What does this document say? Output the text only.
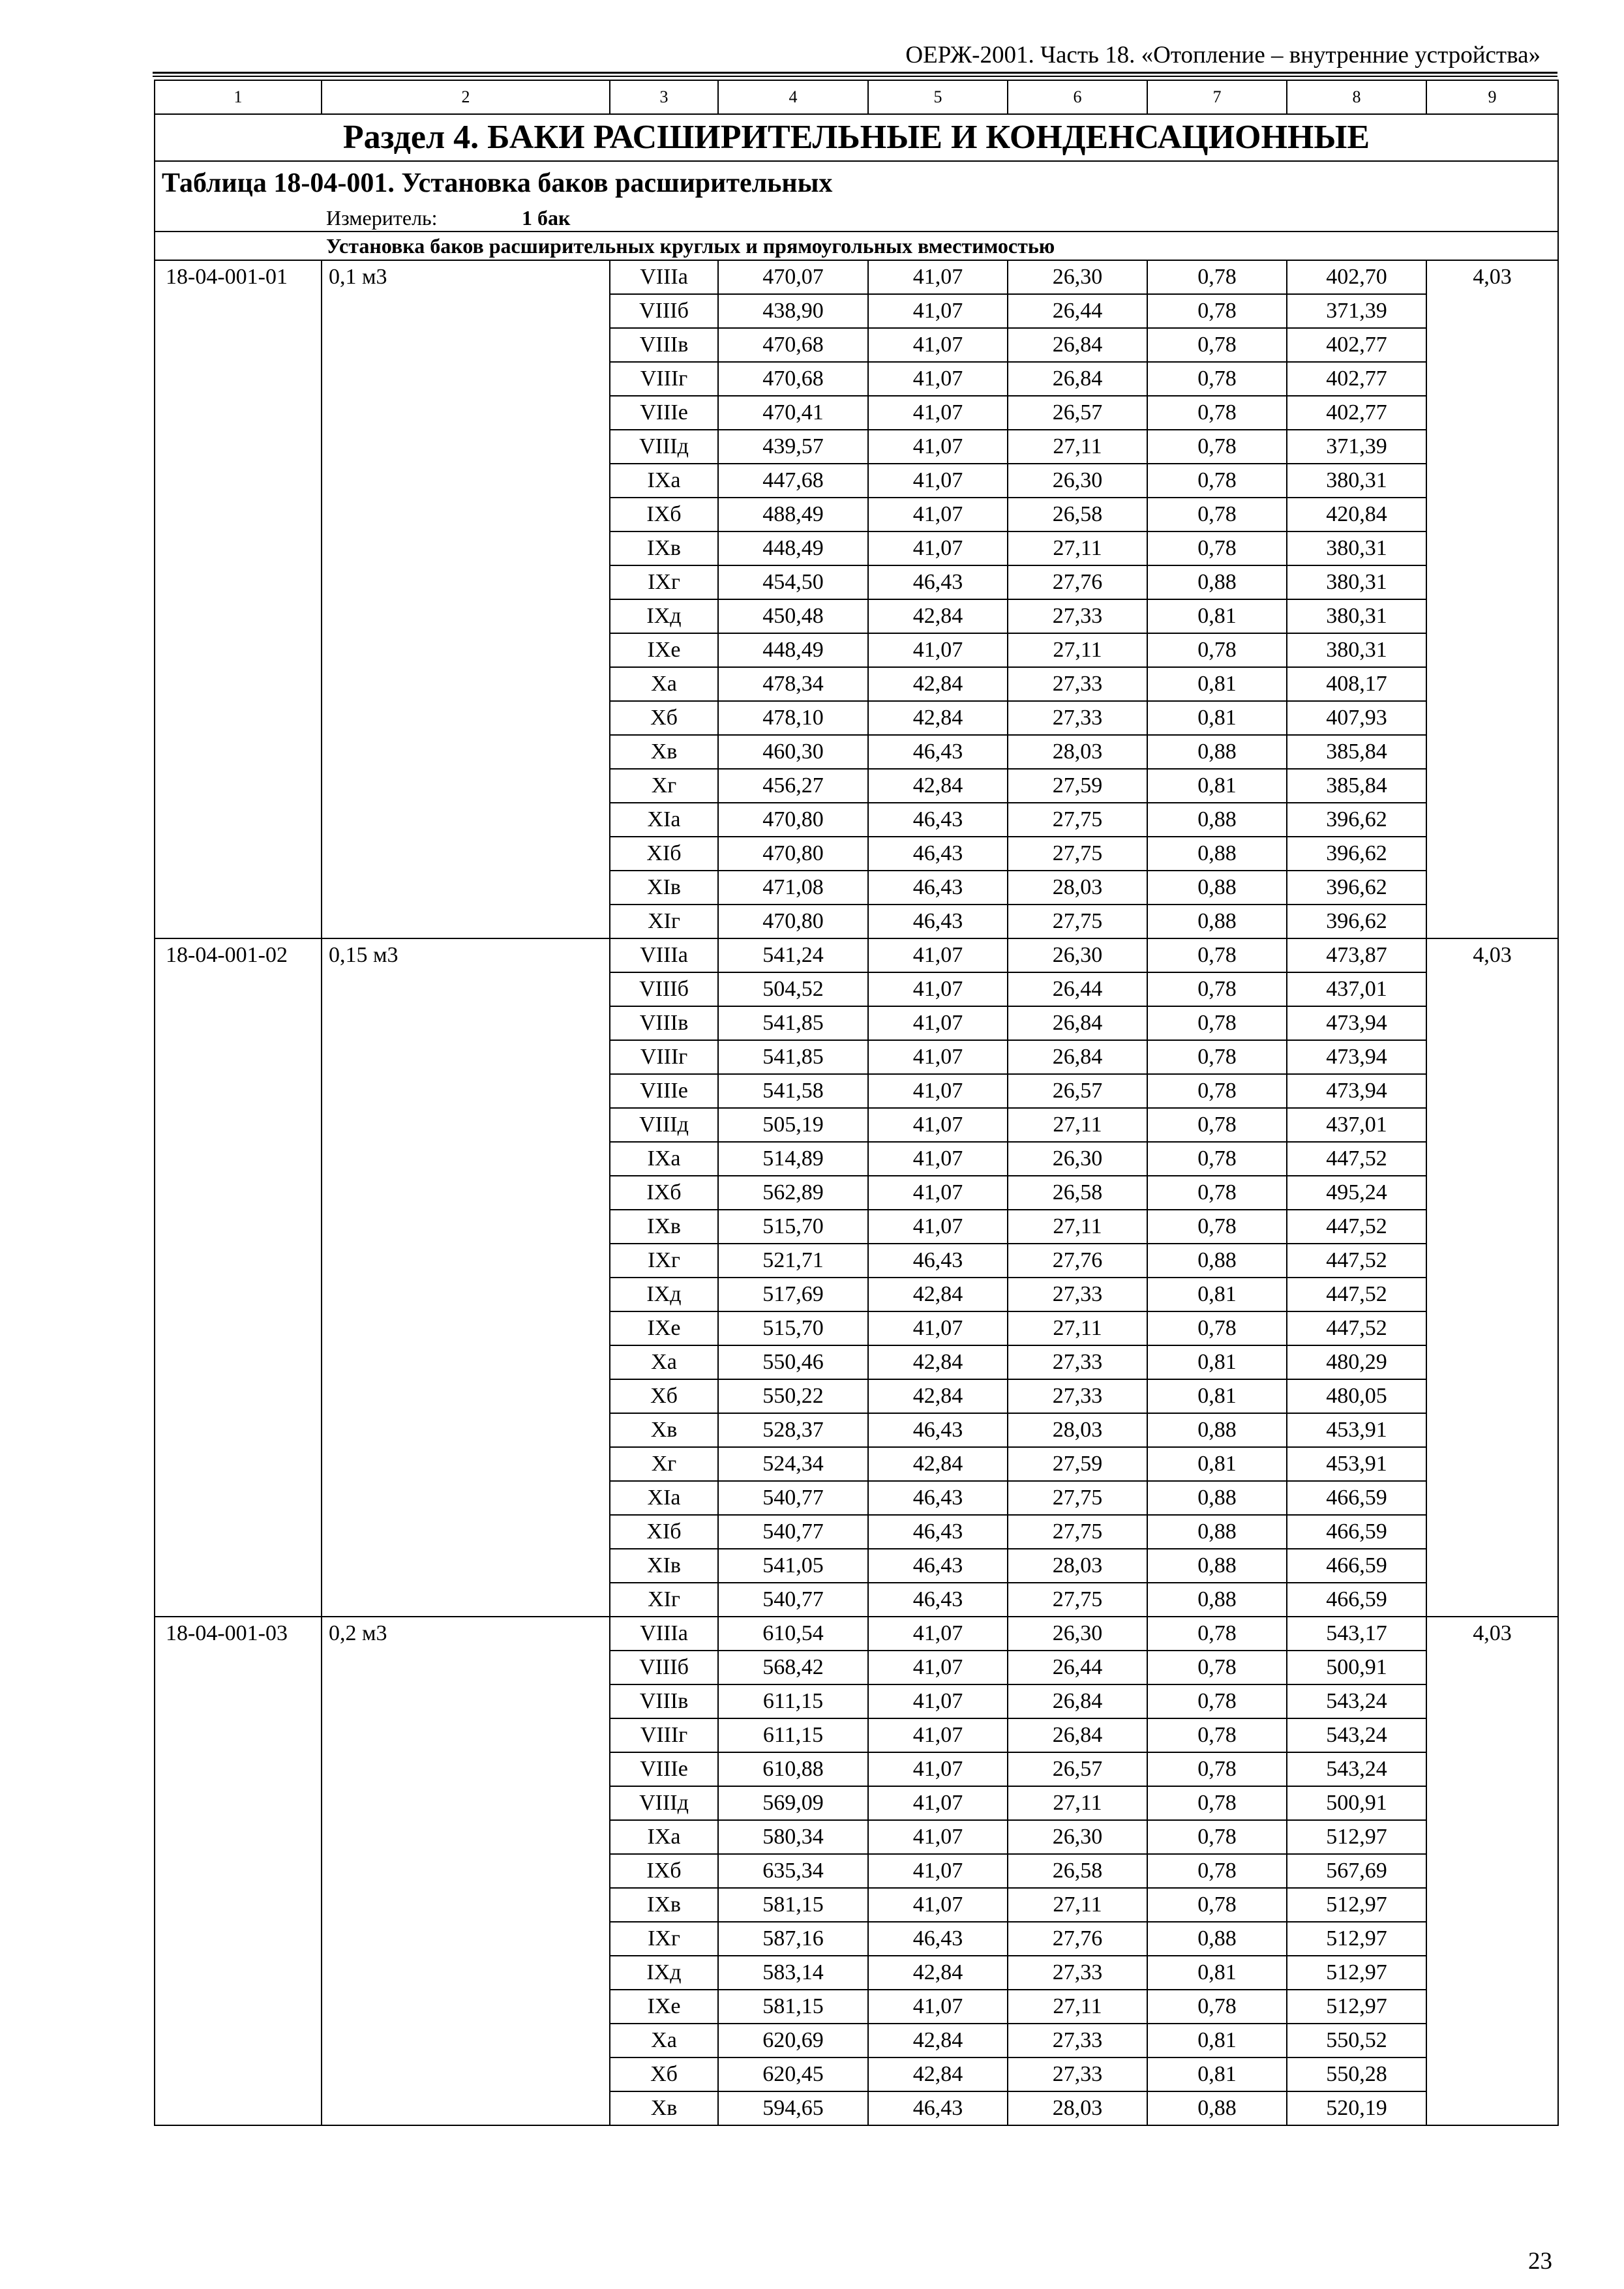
ОЕРЖ-2001. Часть 18. «Отопление – внутренние устройства»
1	2	3	4	5	6	7	8	9
Раздел 4. БАКИ РАСШИРИТЕЛЬНЫЕ И КОНДЕНСАЦИОННЫЕ								
Таблица 18-04-001. Установка баков расширительных								

Измеритель: 1 бак								

Установка баков расширительных круглых и прямоугольных вместимостью								
18-04-001-01	0,1 м3	VIIIа	470,07	41,07	26,30	0,78	402,70	4,03
		VIIIб	438,90	41,07	26,44	0,78	371,39	
		VIIIв	470,68	41,07	26,84	0,78	402,77	
		VIIIг	470,68	41,07	26,84	0,78	402,77	
		VIIIе	470,41	41,07	26,57	0,78	402,77	
		VIIIд	439,57	41,07	27,11	0,78	371,39	
		IXа	447,68	41,07	26,30	0,78	380,31	
		IXб	488,49	41,07	26,58	0,78	420,84	
		IXв	448,49	41,07	27,11	0,78	380,31	
		IXг	454,50	46,43	27,76	0,88	380,31	
		IXд	450,48	42,84	27,33	0,81	380,31	
		IXе	448,49	41,07	27,11	0,78	380,31	
		Xа	478,34	42,84	27,33	0,81	408,17	
		Xб	478,10	42,84	27,33	0,81	407,93	
		Xв	460,30	46,43	28,03	0,88	385,84	
		Xг	456,27	42,84	27,59	0,81	385,84	
		XIа	470,80	46,43	27,75	0,88	396,62	
		XIб	470,80	46,43	27,75	0,88	396,62	
		XIв	471,08	46,43	28,03	0,88	396,62	
		XIг	470,80	46,43	27,75	0,88	396,62	
18-04-001-02	0,15 м3	VIIIа	541,24	41,07	26,30	0,78	473,87	4,03
		VIIIб	504,52	41,07	26,44	0,78	437,01	
		VIIIв	541,85	41,07	26,84	0,78	473,94	
		VIIIг	541,85	41,07	26,84	0,78	473,94	
		VIIIе	541,58	41,07	26,57	0,78	473,94	
		VIIIд	505,19	41,07	27,11	0,78	437,01	
		IXа	514,89	41,07	26,30	0,78	447,52	
		IXб	562,89	41,07	26,58	0,78	495,24	
		IXв	515,70	41,07	27,11	0,78	447,52	
		IXг	521,71	46,43	27,76	0,88	447,52	
		IXд	517,69	42,84	27,33	0,81	447,52	
		IXе	515,70	41,07	27,11	0,78	447,52	
		Xа	550,46	42,84	27,33	0,81	480,29	
		Xб	550,22	42,84	27,33	0,81	480,05	
		Xв	528,37	46,43	28,03	0,88	453,91	
		Xг	524,34	42,84	27,59	0,81	453,91	
		XIа	540,77	46,43	27,75	0,88	466,59	
		XIб	540,77	46,43	27,75	0,88	466,59	
		XIв	541,05	46,43	28,03	0,88	466,59	
		XIг	540,77	46,43	27,75	0,88	466,59	
18-04-001-03	0,2 м3	VIIIа	610,54	41,07	26,30	0,78	543,17	4,03
		VIIIб	568,42	41,07	26,44	0,78	500,91	
		VIIIв	611,15	41,07	26,84	0,78	543,24	
		VIIIг	611,15	41,07	26,84	0,78	543,24	
		VIIIе	610,88	41,07	26,57	0,78	543,24	
		VIIIд	569,09	41,07	27,11	0,78	500,91	
		IXа	580,34	41,07	26,30	0,78	512,97	
		IXб	635,34	41,07	26,58	0,78	567,69	
		IXв	581,15	41,07	27,11	0,78	512,97	
		IXг	587,16	46,43	27,76	0,88	512,97	
		IXд	583,14	42,84	27,33	0,81	512,97	
		IXе	581,15	41,07	27,11	0,78	512,97	
		Xа	620,69	42,84	27,33	0,81	550,52	
		Xб	620,45	42,84	27,33	0,81	550,28	
		Xв	594,65	46,43	28,03	0,88	520,19	
23
